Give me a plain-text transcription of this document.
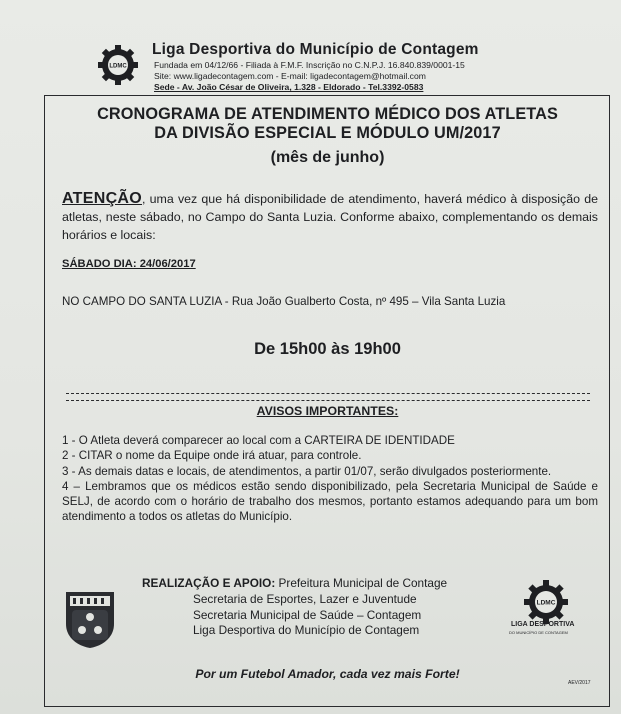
LDMC
Liga Desportiva do Município de Contagem
Fundada em 04/12/66 - Filiada à F.M.F. Inscrição no C.N.P.J. 16.840.839/0001-15
Site: www.ligadecontagem.com - E-mail: ligadecontagem@hotmail.com
Sede - Av. João César de Oliveira, 1.328 - Eldorado - Tel.3392-0583
CRONOGRAMA DE ATENDIMENTO MÉDICO DOS ATLETAS
DA DIVISÃO ESPECIAL E MÓDULO UM/2017
(mês de junho)
ATENÇÃO, uma vez que há disponibilidade de atendimento, haverá médico à disposição de atletas, neste sábado, no Campo do Santa Luzia. Conforme abaixo, complementando os demais horários e locais:
SÁBADO DIA: 24/06/2017
NO CAMPO DO SANTA LUZIA - Rua João Gualberto Costa, nº 495 – Vila Santa Luzia
De 15h00 às 19h00
AVISOS IMPORTANTES:

1 - O Atleta deverá comparecer ao local com a CARTEIRA DE IDENTIDADE

2 - CITAR o nome da Equipe onde irá atuar, para controle.

3 - As demais datas e locais, de atendimentos, a partir 01/07, serão divulgados posteriormente.

4 – Lembramos que os médicos estão sendo disponibilizado, pela Secretaria Municipal de Saúde e SELJ, de acordo com o horário de trabalho dos mesmos, portanto estamos adequando para um bom atendimento a todos os atletas do Município.

REALIZAÇÃO E APOIO: Prefeitura Municipal de Contage
Secretaria de Esportes, Lazer e Juventude
Secretaria Municipal de Saúde – Contagem
Liga Desportiva do Município de Contagem
LDMC
LIGA DESPORTIVA
DO MUNICÍPIO DE CONTAGEM
Por um Futebol Amador, cada vez mais Forte!
AEV/2017
